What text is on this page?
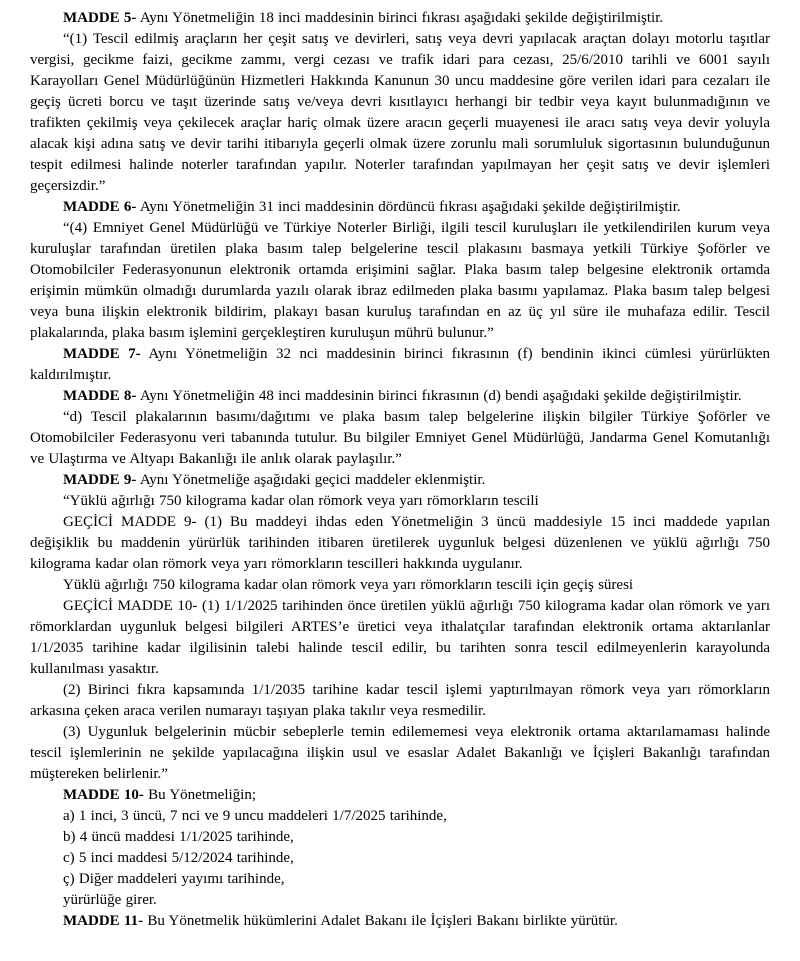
MADDE 5- Aynı Yönetmeliğin 18 inci maddesinin birinci fıkrası aşağıdaki şekilde değiştirilmiştir.

“(1) Tescil edilmiş araçların her çeşit satış ve devirleri, satış veya devri yapılacak araçtan dolayı motorlu taşıtlar vergisi, gecikme faizi, gecikme zammı, vergi cezası ve trafik idari para cezası, 25/6/2010 tarihli ve 6001 sayılı Karayolları Genel Müdürlüğünün Hizmetleri Hakkında Kanunun 30 uncu maddesine göre verilen idari para cezaları ile geçiş ücreti borcu ve taşıt üzerinde satış ve/veya devri kısıtlayıcı herhangi bir tedbir veya kayıt bulunmadığının ve trafikten çekilmiş veya çekilecek araçlar hariç olmak üzere aracın geçerli muayenesi ile aracı satış veya devir yoluyla alacak kişi adına satış ve devir tarihi itibarıyla geçerli olmak üzere zorunlu mali sorumluluk sigortasının bulunduğunun tespit edilmesi halinde noterler tarafından yapılır. Noterler tarafından yapılmayan her çeşit satış ve devir işlemleri geçersizdir.”

MADDE 6- Aynı Yönetmeliğin 31 inci maddesinin dördüncü fıkrası aşağıdaki şekilde değiştirilmiştir.

“(4) Emniyet Genel Müdürlüğü ve Türkiye Noterler Birliği, ilgili tescil kuruluşları ile yetkilendirilen kurum veya kuruluşlar tarafından üretilen plaka basım talep belgelerine tescil plakasını basmaya yetkili Türkiye Şoförler ve Otomobilciler Federasyonunun elektronik ortamda erişimini sağlar. Plaka basım talep belgesine elektronik ortamda erişimin mümkün olmadığı durumlarda yazılı olarak ibraz edilmeden plaka basımı yapılamaz. Plaka basım talep belgesi veya buna ilişkin elektronik bildirim, plakayı basan kuruluş tarafından en az üç yıl süre ile muhafaza edilir. Tescil plakalarında, plaka basım işlemini gerçekleştiren kuruluşun mührü bulunur.”

MADDE 7- Aynı Yönetmeliğin 32 nci maddesinin birinci fıkrasının (f) bendinin ikinci cümlesi yürürlükten kaldırılmıştır.

MADDE 8- Aynı Yönetmeliğin 48 inci maddesinin birinci fıkrasının (d) bendi aşağıdaki şekilde değiştirilmiştir.

“d) Tescil plakalarının basımı/dağıtımı ve plaka basım talep belgelerine ilişkin bilgiler Türkiye Şoförler ve Otomobilciler Federasyonu veri tabanında tutulur. Bu bilgiler Emniyet Genel Müdürlüğü, Jandarma Genel Komutanlığı ve Ulaştırma ve Altyapı Bakanlığı ile anlık olarak paylaşılır.”

MADDE 9- Aynı Yönetmeliğe aşağıdaki geçici maddeler eklenmiştir.

“Yüklü ağırlığı 750 kilograma kadar olan römork veya yarı römorkların tescili

GEÇİCİ MADDE 9- (1) Bu maddeyi ihdas eden Yönetmeliğin 3 üncü maddesiyle 15 inci maddede yapılan değişiklik bu maddenin yürürlük tarihinden itibaren üretilerek uygunluk belgesi düzenlenen ve yüklü ağırlığı 750 kilograma kadar olan römork veya yarı römorkların tescilleri hakkında uygulanır.

Yüklü ağırlığı 750 kilograma kadar olan römork veya yarı römorkların tescili için geçiş süresi

GEÇİCİ MADDE 10- (1) 1/1/2025 tarihinden önce üretilen yüklü ağırlığı 750 kilograma kadar olan römork ve yarı römorklardan uygunluk belgesi bilgileri ARTES’e üretici veya ithalatçılar tarafından elektronik ortama aktarılanlar 1/1/2035 tarihine kadar ilgilisinin talebi halinde tescil edilir, bu tarihten sonra tescil edilmeyenlerin karayolunda kullanılması yasaktır.

(2) Birinci fıkra kapsamında 1/1/2035 tarihine kadar tescil işlemi yaptırılmayan römork veya yarı römorkların arkasına çeken araca verilen numarayı taşıyan plaka takılır veya resmedilir.

(3) Uygunluk belgelerinin mücbir sebeplerle temin edilememesi veya elektronik ortama aktarılamaması halinde tescil işlemlerinin ne şekilde yapılacağına ilişkin usul ve esaslar Adalet Bakanlığı ve İçişleri Bakanlığı tarafından müştereken belirlenir.”

MADDE 10- Bu Yönetmeliğin;

a) 1 inci, 3 üncü, 7 nci ve 9 uncu maddeleri 1/7/2025 tarihinde,

b) 4 üncü maddesi 1/1/2025 tarihinde,

c) 5 inci maddesi 5/12/2024 tarihinde,

ç) Diğer maddeleri yayımı tarihinde,

yürürlüğe girer.

MADDE 11- Bu Yönetmelik hükümlerini Adalet Bakanı ile İçişleri Bakanı birlikte yürütür.
